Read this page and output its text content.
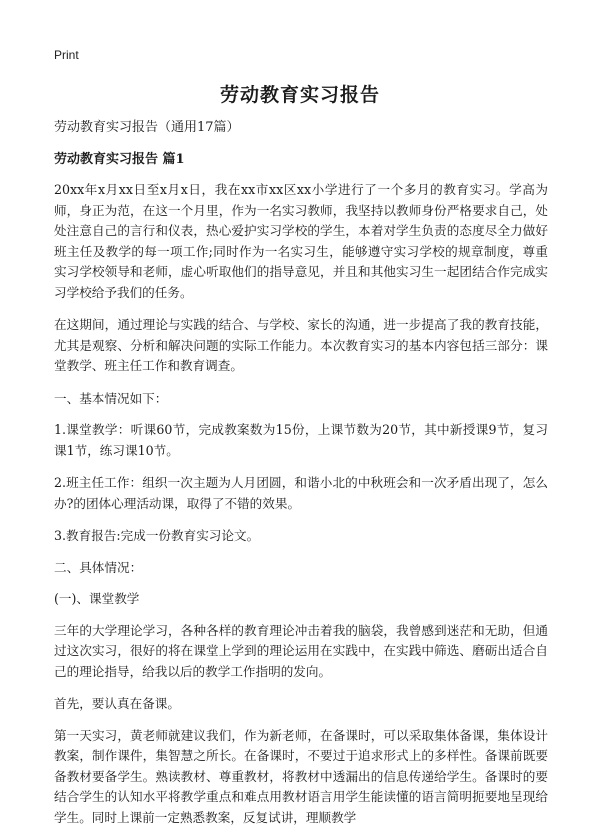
Print
劳动教育实习报告
劳动教育实习报告（通用17篇）
劳动教育实习报告 篇1

20xx年x月xx日至x月x日，我在xx市xx区xx小学进行了一个多月的教育实习。学高为师，身正为范，在这一个月里，作为一名实习教师，我坚持以教师身份严格要求自己，处处注意自己的言行和仪表，热心爱护实习学校的学生，本着对学生负责的态度尽全力做好班主任及教学的每一项工作;同时作为一名实习生，能够遵守实习学校的规章制度，尊重实习学校领导和老师，虚心听取他们的指导意见，并且和其他实习生一起团结合作完成实习学校给予我们的任务。

在这期间，通过理论与实践的结合、与学校、家长的沟通，进一步提高了我的教育技能，尤其是观察、分析和解决问题的实际工作能力。本次教育实习的基本内容包括三部分：课堂教学、班主任工作和教育调查。

一、基本情况如下：

1.课堂教学：听课60节，完成教案数为15份，上课节数为20节，其中新授课9节，复习课1节，练习课10节。

2.班主任工作：组织一次主题为人月团圆，和谐小北的中秋班会和一次矛盾出现了，怎么办?的团体心理活动课，取得了不错的效果。

3.教育报告:完成一份教育实习论文。

二、具体情况：

(一)、课堂教学

三年的大学理论学习，各种各样的教育理论冲击着我的脑袋，我曾感到迷茫和无助，但通过这次实习，很好的将在课堂上学到的理论运用在实践中，在实践中筛选、磨砺出适合自己的理论指导，给我以后的教学工作指明的发向。

首先，要认真在备课。

第一天实习，黄老师就建议我们，作为新老师，在备课时，可以采取集体备课，集体设计教案，制作课件，集智慧之所长。在备课时，不要过于追求形式上的多样性。备课前既要备教材要备学生。熟读教材、尊重教材，将教材中透漏出的信息传递给学生。备课时的要结合学生的认知水平将教学重点和难点用教材语言用学生能读懂的语言简明扼要地呈现给学生。同时上课前一定熟悉教案，反复试讲，理顺教学
